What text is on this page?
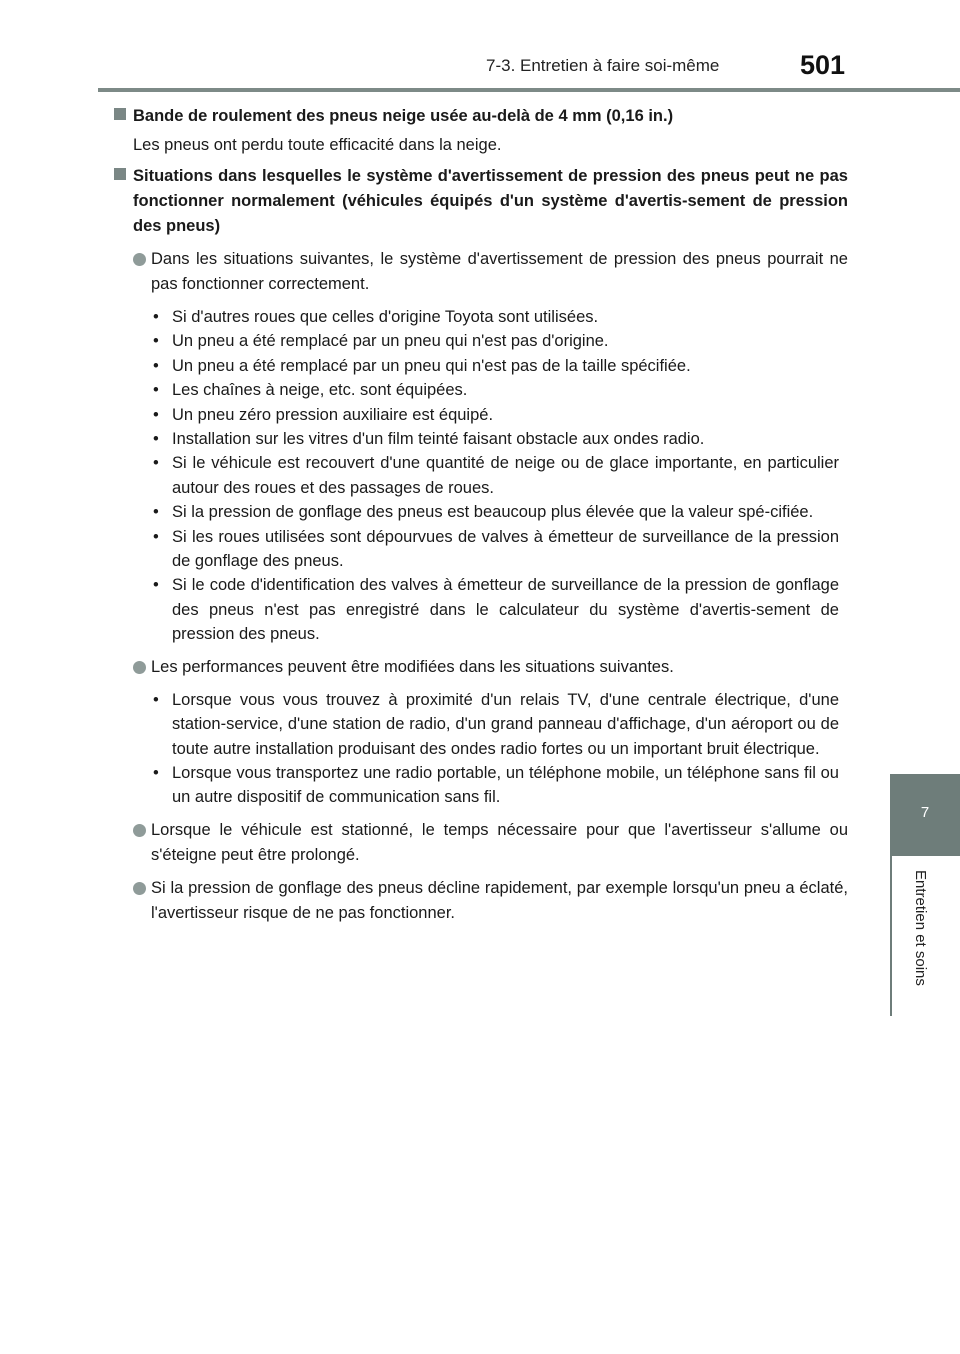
7-3. Entretien à faire soi-même	501
7
Entretien et soins
Bande de roulement des pneus neige usée au-delà de 4 mm (0,16 in.)
Les pneus ont perdu toute efficacité dans la neige.
Situations dans lesquelles le système d'avertissement de pression des pneus peut ne pas fonctionner normalement (véhicules équipés d'un système d'avertis-sement de pression des pneus)
Dans les situations suivantes, le système d'avertissement de pression des pneus pourrait ne pas fonctionner correctement.
• Si d'autres roues que celles d'origine Toyota sont utilisées.
• Un pneu a été remplacé par un pneu qui n'est pas d'origine.
• Un pneu a été remplacé par un pneu qui n'est pas de la taille spécifiée.
• Les chaînes à neige, etc. sont équipées.
• Un pneu zéro pression auxiliaire est équipé.
• Installation sur les vitres d'un film teinté faisant obstacle aux ondes radio.
• Si le véhicule est recouvert d'une quantité de neige ou de glace importante, en particulier autour des roues et des passages de roues.
• Si la pression de gonflage des pneus est beaucoup plus élevée que la valeur spé-cifiée.
• Si les roues utilisées sont dépourvues de valves à émetteur de surveillance de la pression de gonflage des pneus.
• Si le code d'identification des valves à émetteur de surveillance de la pression de gonflage des pneus n'est pas enregistré dans le calculateur du système d'avertis-sement de pression des pneus.
Les performances peuvent être modifiées dans les situations suivantes.
• Lorsque vous vous trouvez à proximité d'un relais TV, d'une centrale électrique, d'une station-service, d'une station de radio, d'un grand panneau d'affichage, d'un aéroport ou de toute autre installation produisant des ondes radio fortes ou un important bruit électrique.
• Lorsque vous transportez une radio portable, un téléphone mobile, un téléphone sans fil ou un autre dispositif de communication sans fil.
Lorsque le véhicule est stationné, le temps nécessaire pour que l'avertisseur s'allume ou s'éteigne peut être prolongé.
Si la pression de gonflage des pneus décline rapidement, par exemple lorsqu'un pneu a éclaté, l'avertisseur risque de ne pas fonctionner.
